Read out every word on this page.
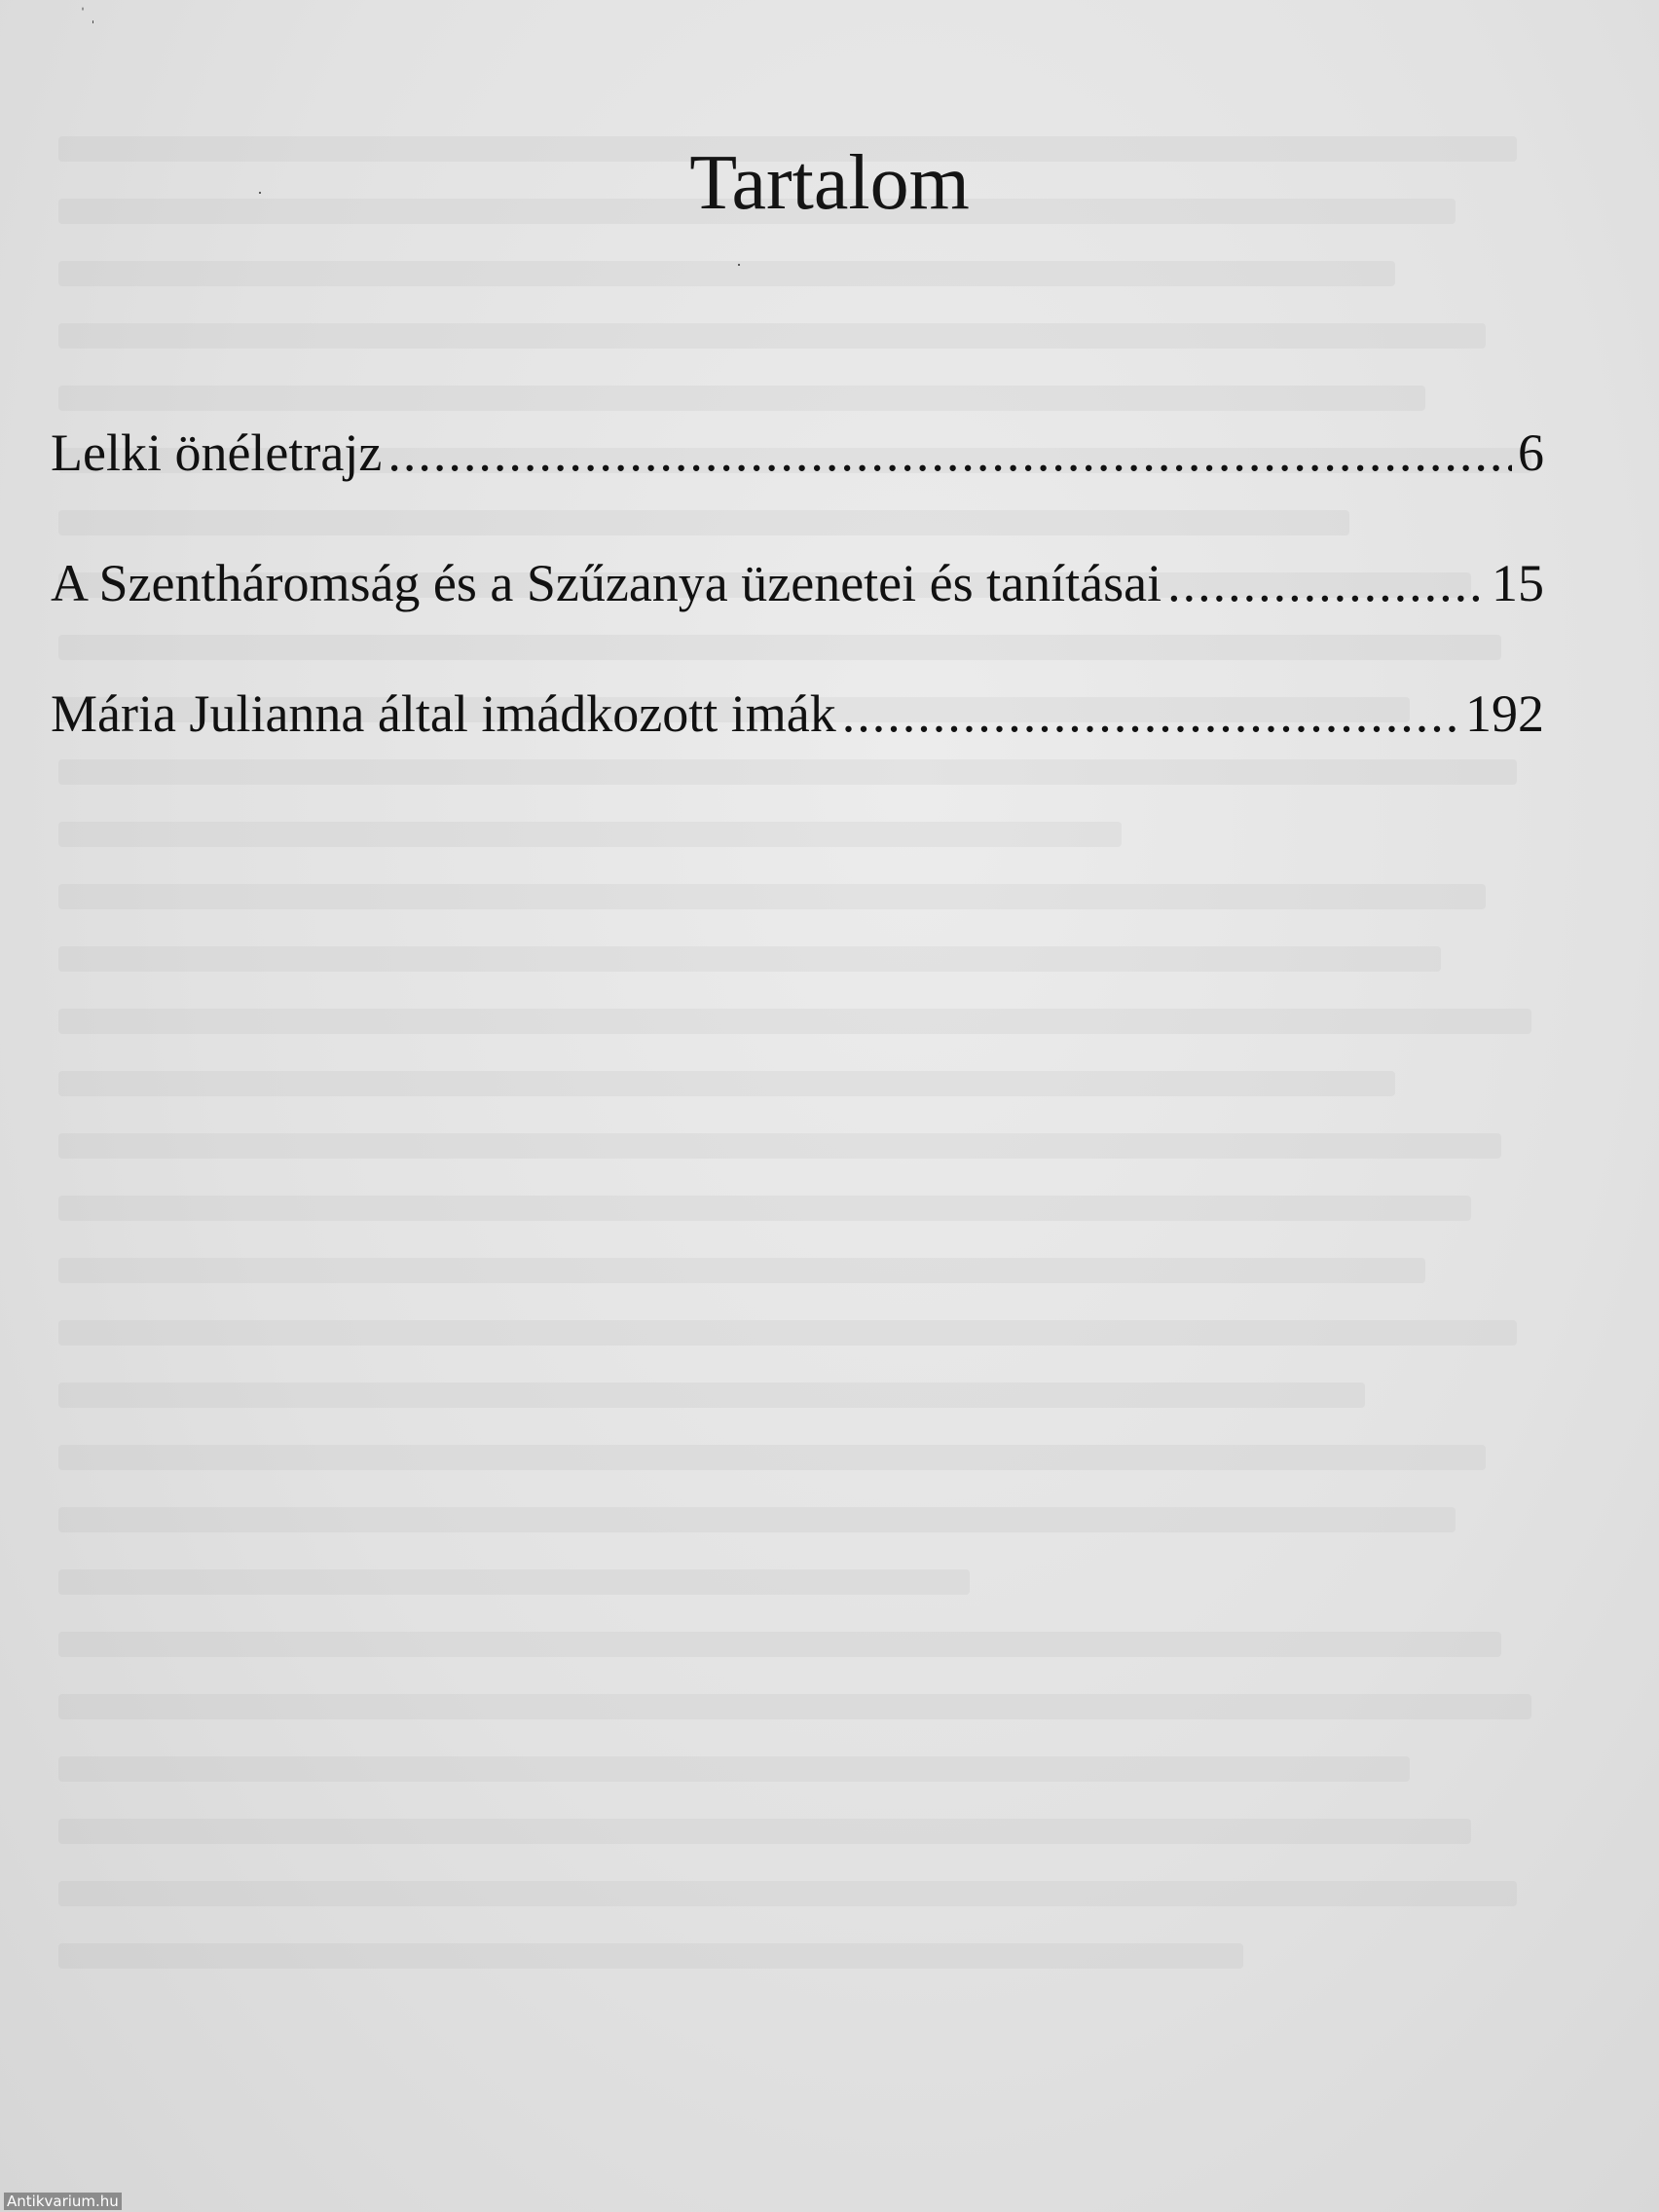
ˈ ˌ
·
·
Tartalom
Lelki önéletrajz .....	6
A Szentháromság és a Szűzanya üzenetei és tanításai .....	15
Mária Julianna által imádkozott imák .....	192
Antikvarium.hu
